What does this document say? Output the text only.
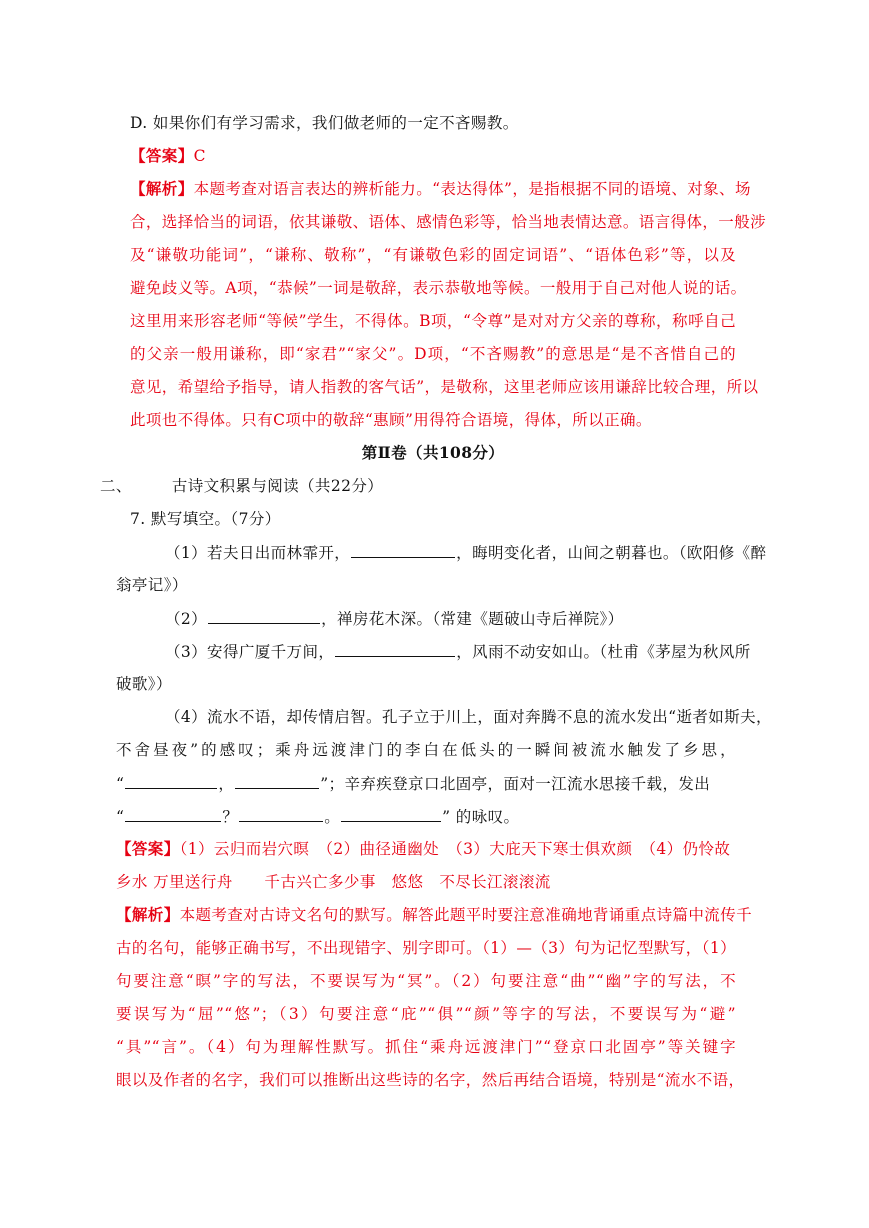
D. 如果你们有学习需求，我们做老师的一定不吝赐教。
【答案】C
【解析】本题考查对语言表达的辨析能力。“表达得体”，是指根据不同的语境、对象、场
合，选择恰当的词语，依其谦敬、语体、感情色彩等，恰当地表情达意。语言得体，一般涉
及“谦敬功能词”，“谦称、敬称”，“有谦敬色彩的固定词语”、“语体色彩”等，以及
避免歧义等。A项，“恭候”一词是敬辞，表示恭敬地等候。一般用于自己对他人说的话。
这里用来形容老师“等候”学生，不得体。B项，“令尊”是对对方父亲的尊称，称呼自己
的父亲一般用谦称，即“家君”“家父”。D项，“不吝赐教”的意思是“是不吝惜自己的
意见，希望给予指导，请人指教的客气话”，是敬称，这里老师应该用谦辞比较合理，所以
此项也不得体。只有C项中的敬辞“惠顾”用得符合语境，得体，所以正确。
第Ⅱ卷（共108分）
二、	古诗文积累与阅读（共22分）
7. 默写填空。（7分）
（1）若夫日出而林霏开，	，晦明变化者，山间之朝暮也。（欧阳修《醉
翁亭记》）
（2）	，禅房花木深。（常建《题破山寺后禅院》）
（3）安得广厦千万间，	，风雨不动安如山。（杜甫《茅屋为秋风所
破歌》）
（4）流水不语，却传情启智。孔子立于川上，面对奔腾不息的流水发出“逝者如斯夫，
不舍昼夜”的感叹；乘舟远渡津门的李白在低头的一瞬间被流水触发了乡思，
“	，	”；辛弃疾登京口北固亭，面对一江流水思接千载，发出
“	？	。	” 的咏叹。
【答案】（1）云归而岩穴暝　（2）曲径通幽处　（3）大庇天下寒士俱欢颜　（4）仍怜故
乡水 万里送行舟　　千古兴亡多少事　悠悠　不尽长江滚滚流
【解析】本题考查对古诗文名句的默写。解答此题平时要注意准确地背诵重点诗篇中流传千
古的名句，能够正确书写，不出现错字、别字即可。（1）—（3）句为记忆型默写，（1）
句要注意“暝”字的写法，不要误写为“冥”。（2）句要注意“曲”“幽”字的写法，不
要误写为“屈”“悠”；（3）句要注意“庇”“俱”“颜”等字的写法，不要误写为“避”
“具”“言”。（4）句为理解性默写。抓住“乘舟远渡津门”“登京口北固亭”等关键字
眼以及作者的名字，我们可以推断出这些诗的名字，然后再结合语境，特别是“流水不语，
